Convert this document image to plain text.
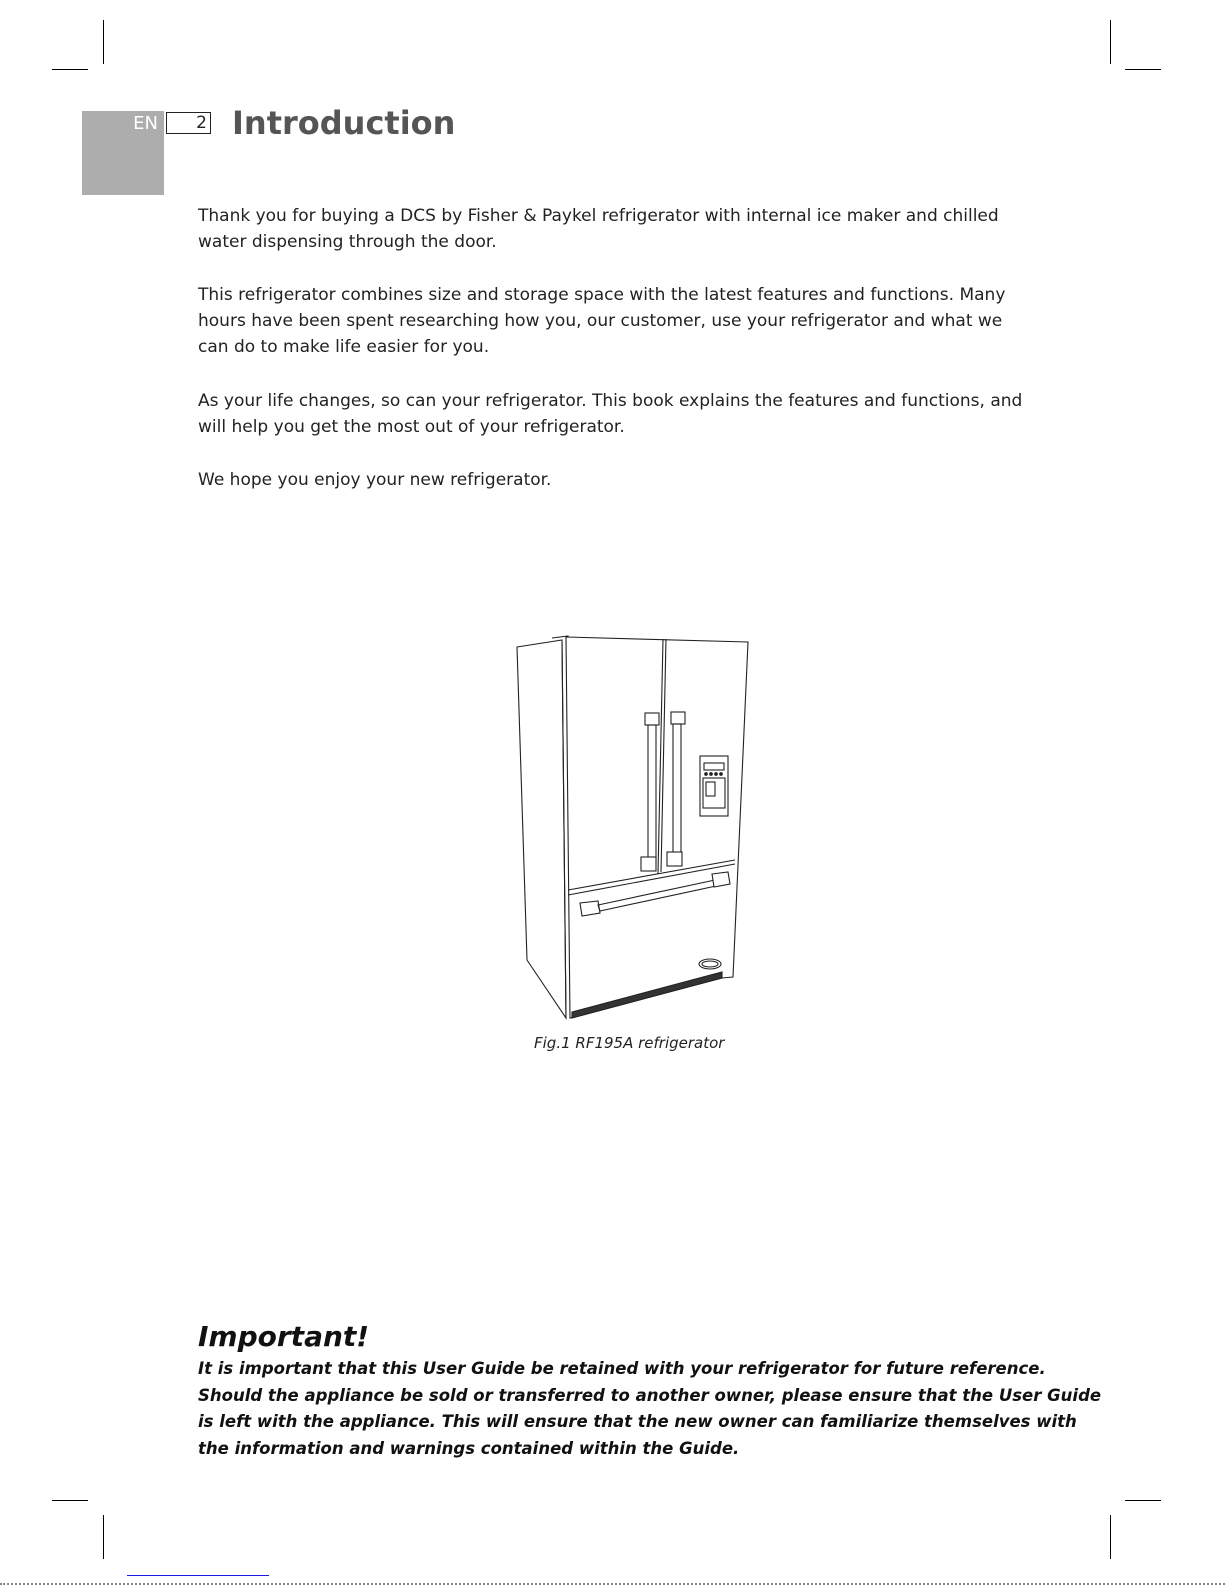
EN	2 Introduction
Thank you for buying a DCS by Fisher & Paykel refrigerator with internal ice maker and chilled
water dispensing through the door.
This refrigerator combines size and storage space with the latest features and functions. Many
hours have been spent researching how you, our customer, use your refrigerator and what we
can do to make life easier for you.
As your life changes, so can your refrigerator. This book explains the features and functions, and
will help you get the most out of your refrigerator.
We hope you enjoy your new refrigerator.
Fig.1 RF195A refrigerator
Important!
It is important that this User Guide be retained with your refrigerator for future reference.
Should the appliance be sold or transferred to another owner, please ensure that the User Guide
is left with the appliance. This will ensure that the new owner can familiarize themselves with
the information and warnings contained within the Guide.
